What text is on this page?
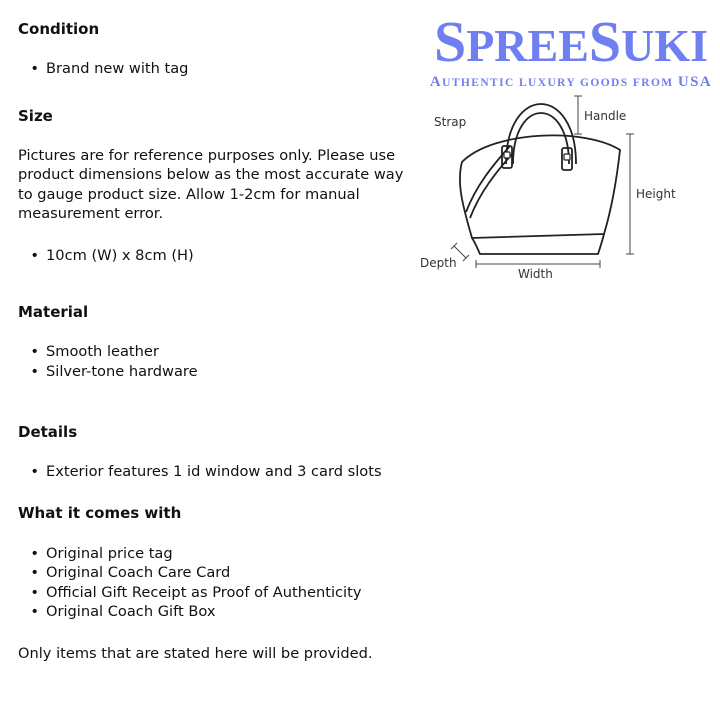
Condition
• Brand new with tag
Size

Pictures are for reference purposes only. Please use product dimensions below as the most accurate way to gauge product size. Allow 1-2cm for manual measurement error.

• 10cm (W) x 8cm (H)
Material
• Smooth leather
• Silver-tone hardware
Details
• Exterior features 1 id window and 3 card slots
What it comes with
• Original price tag
• Original Coach Care Card
• Official Gift Receipt as Proof of Authenticity
• Original Coach Gift Box

Only items that are stated here will be provided.

SPREESUKI
AUTHENTIC LUXURY GOODS FROM USA
Strap	Handle
Height
Depth
Width
